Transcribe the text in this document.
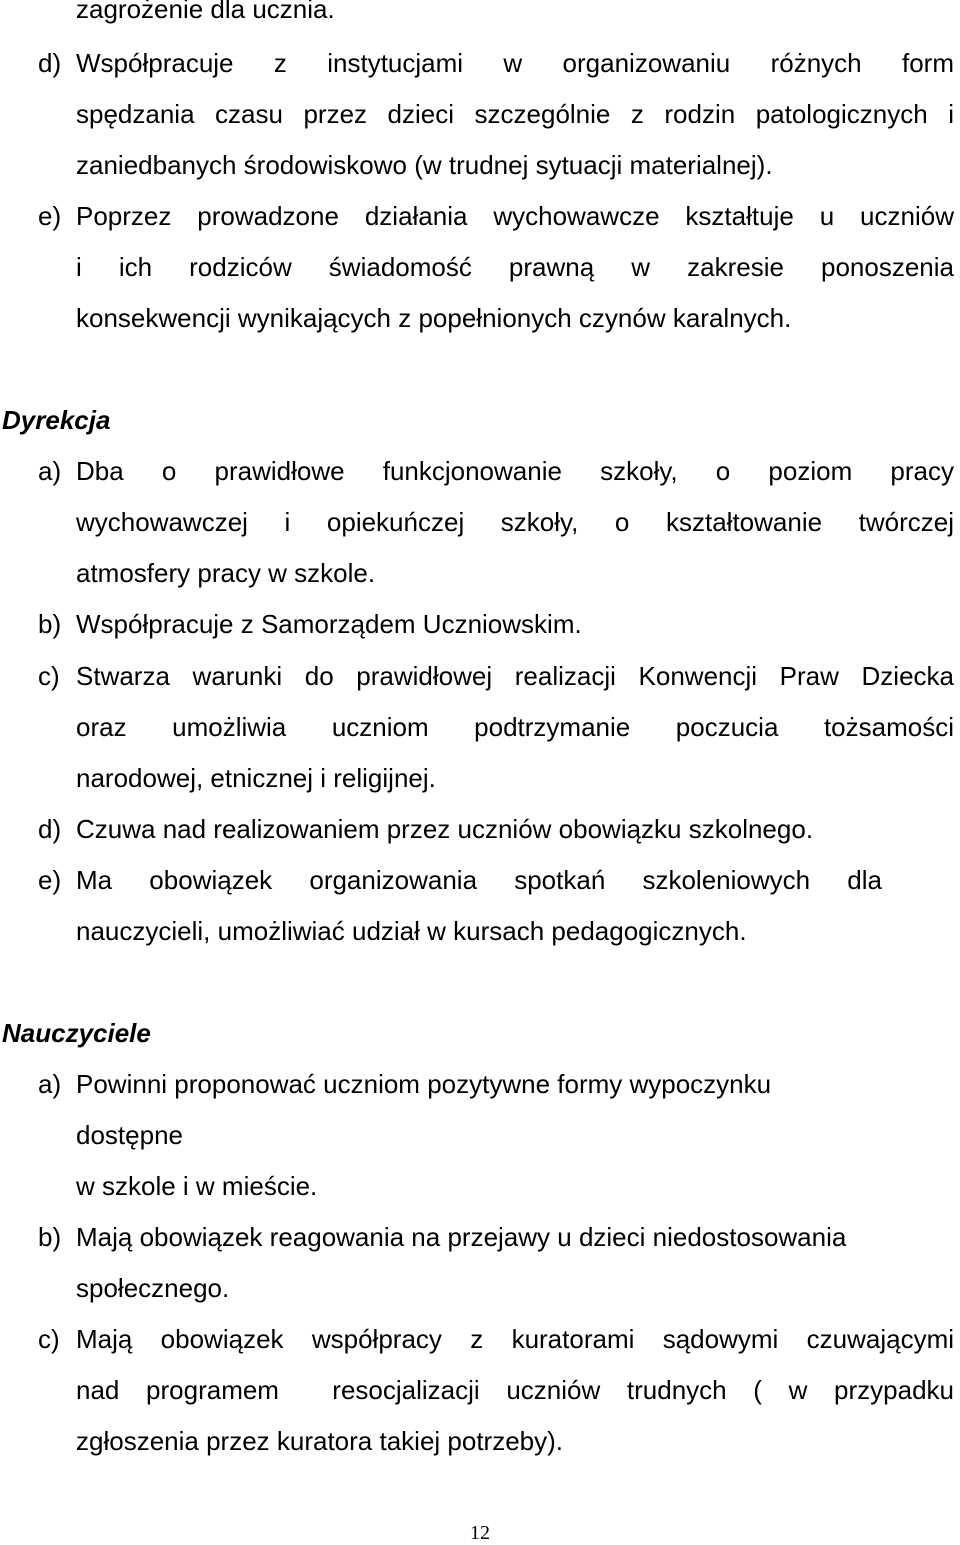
zagrożenie dla ucznia.
d) Współpracuje z instytucjami w organizowaniu różnych form
spędzania czasu przez dzieci szczególnie z rodzin patologicznych i
zaniedbanych środowiskowo (w trudnej sytuacji materialnej).
e) Poprzez prowadzone działania wychowawcze kształtuje u uczniów
i ich rodziców świadomość prawną w zakresie ponoszenia
konsekwencji wynikających z popełnionych czynów karalnych.
Dyrekcja
a) Dba o prawidłowe funkcjonowanie szkoły, o poziom pracy
wychowawczej i opiekuńczej szkoły, o kształtowanie twórczej
atmosfery pracy w szkole.
b) Współpracuje z Samorządem Uczniowskim.
c) Stwarza warunki do prawidłowej realizacji Konwencji Praw Dziecka
oraz umożliwia uczniom podtrzymanie poczucia tożsamości
narodowej, etnicznej i religijnej.
d) Czuwa nad realizowaniem przez uczniów obowiązku szkolnego.
e) Ma obowiązek organizowania spotkań szkoleniowych dla
nauczycieli, umożliwiać udział w kursach pedagogicznych.
Nauczyciele
a) Powinni proponować uczniom pozytywne formy wypoczynku
dostępne
w szkole i w mieście.
b) Mają obowiązek reagowania na przejawy u dzieci niedostosowania
społecznego.
c) Mają obowiązek współpracy z kuratorami sądowymi czuwającymi
nad programem  resocjalizacji uczniów trudnych ( w przypadku
zgłoszenia przez kuratora takiej potrzeby).
12
